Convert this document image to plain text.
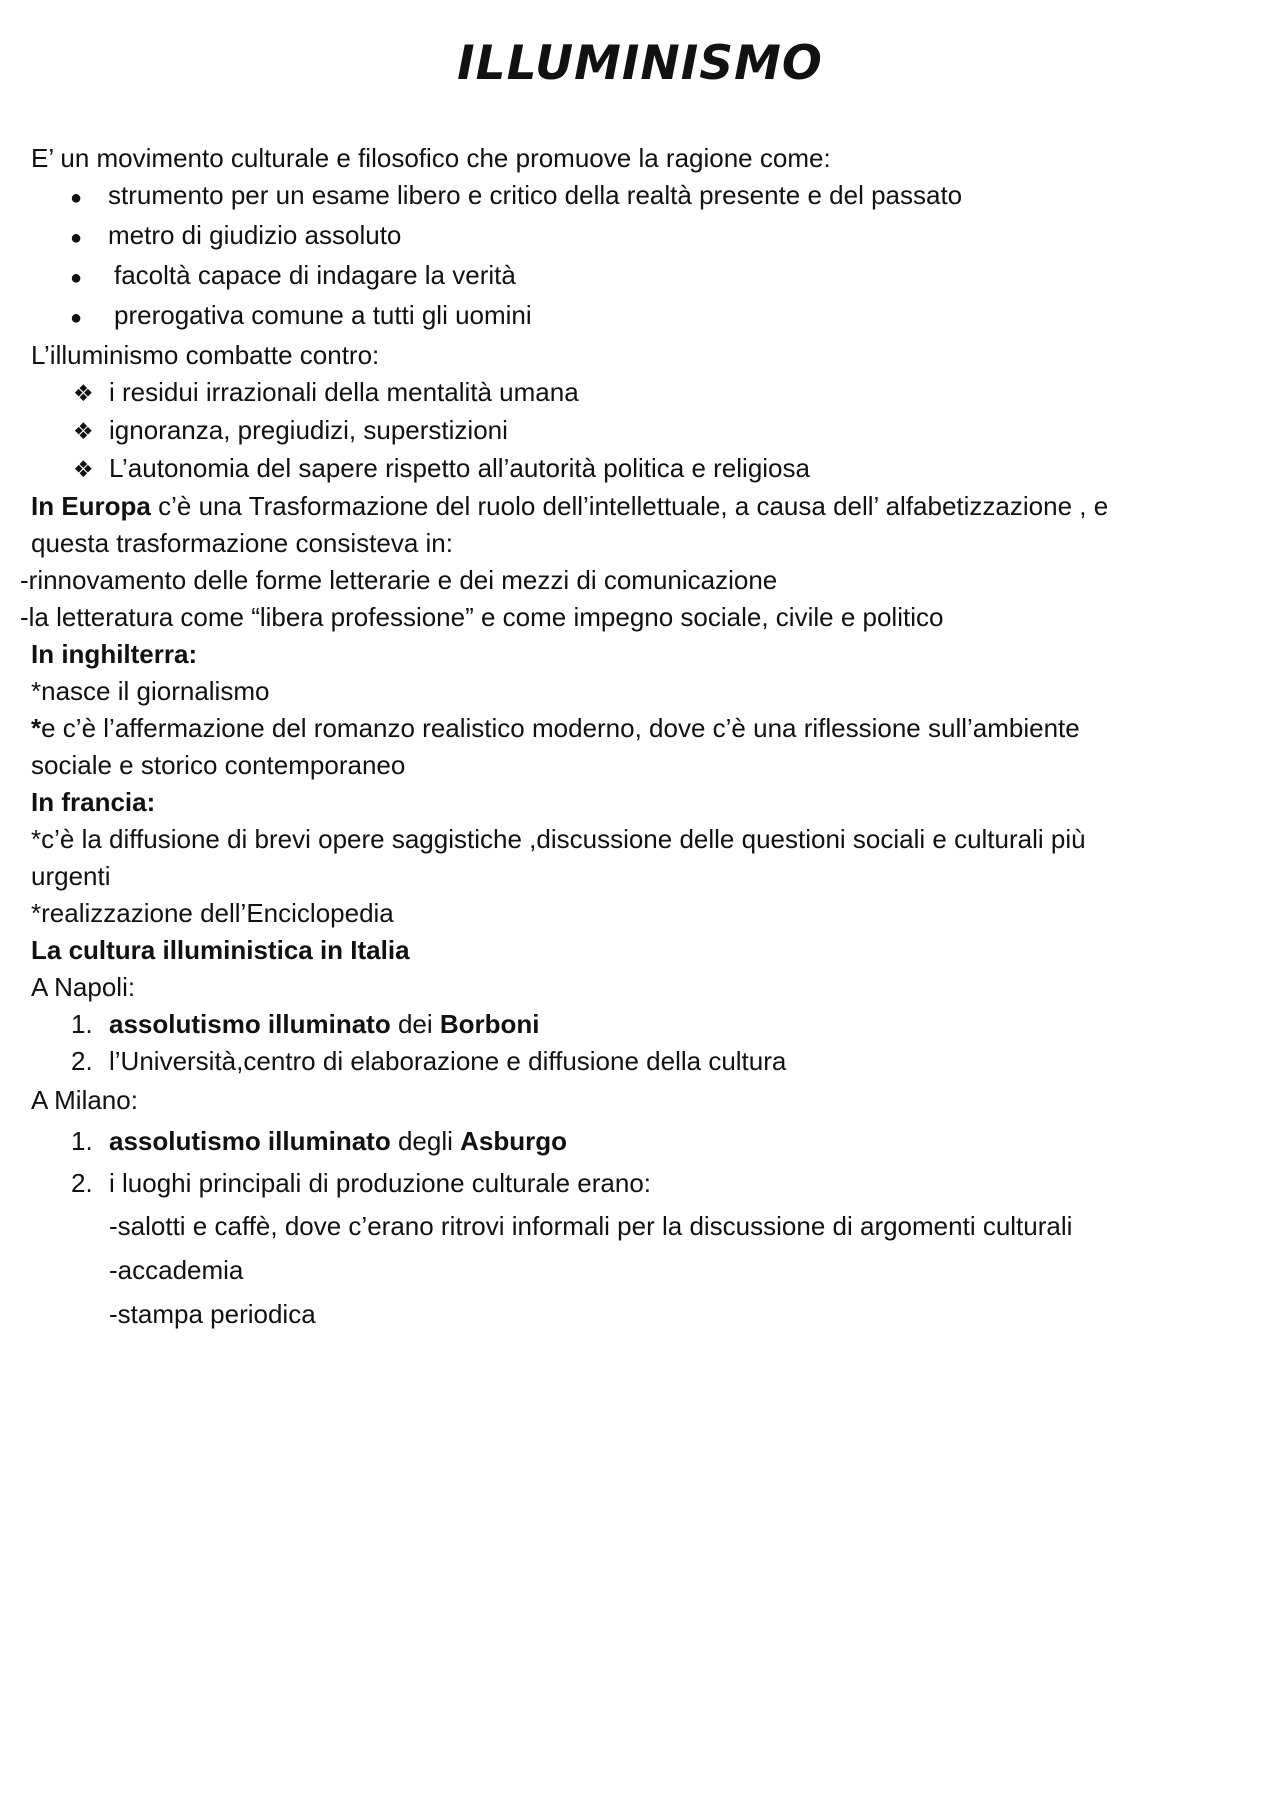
ILLUMINISMO

E’ un movimento culturale e filosofico che promuove la ragione come:

● strumento per un esame libero e critico della realtà presente e del passato
● metro di giudizio assoluto
●	facoltà capace di indagare la verità
●	prerogativa comune a tutti gli uomini

L’illuminismo combatte contro:

❖ i residui irrazionali della mentalità umana
❖ ignoranza, pregiudizi, superstizioni
❖ L’autonomia del sapere rispetto all’autorità politica e religiosa

In Europa c’è una Trasformazione del ruolo dell’intellettuale, a causa dell’ alfabetizzazione , e

questa trasformazione consisteva in:

-rinnovamento delle forme letterarie e dei mezzi di comunicazione

-la letteratura come “libera professione” e come impegno sociale, civile e politico

In inghilterra:

*nasce il giornalismo

*e c’è l’affermazione del romanzo realistico moderno, dove c’è una riflessione sull’ambiente

sociale e storico contemporaneo

In francia:

*c’è la diffusione di brevi opere saggistiche ,discussione delle questioni sociali e culturali più

urgenti

*realizzazione dell’Enciclopedia

La cultura illuministica in Italia

A Napoli:

1. assolutismo illuminato dei Borboni
2. l’Università,centro di elaborazione e diffusione della cultura

A Milano:

1. assolutismo illuminato degli Asburgo
2. i luoghi principali di produzione culturale erano:

-salotti e caffè, dove c’erano ritrovi informali per la discussione di argomenti culturali

-accademia

-stampa periodica
